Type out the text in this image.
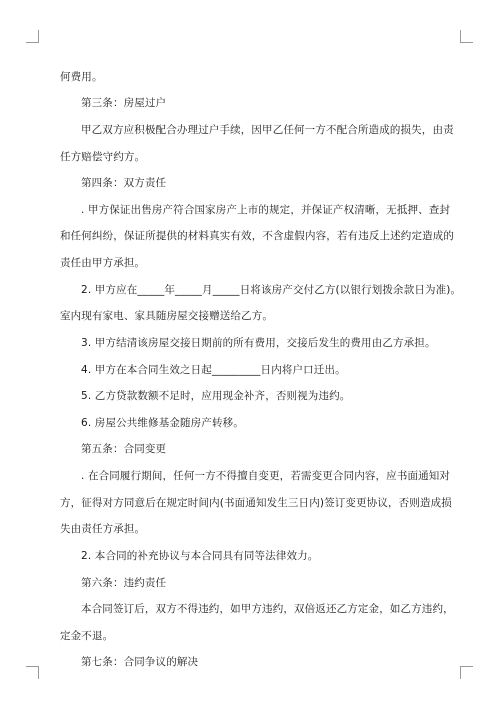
何费用。
第三条：房屋过户
甲乙双方应积极配合办理过户手续，因甲乙任何一方不配合所造成的损失，由责
任方赔偿守约方。
第四条：双方责任
. 甲方保证出售房产符合国家房产上市的规定，并保证产权清晰，无抵押、查封
和任何纠纷，保证所提供的材料真实有效，不含虚假内容，若有违反上述约定造成的
责任由甲方承担。
2. 甲方应在_____年_____月_____日将该房产交付乙方(以银行划拨余款日为准)。
室内现有家电、家具随房屋交接赠送给乙方。
3. 甲方结清该房屋交接日期前的所有费用，交接后发生的费用由乙方承担。
4. 甲方在本合同生效之日起_________日内将户口迁出。
5. 乙方贷款数额不足时，应用现金补齐，否则视为违约。
6. 房屋公共维修基金随房产转移。
第五条：合同变更
. 在合同履行期间，任何一方不得擅自变更，若需变更合同内容，应书面通知对
方，征得对方同意后在规定时间内(书面通知发生三日内)签订变更协议，否则造成损
失由责任方承担。
2. 本合同的补充协议与本合同具有同等法律效力。
第六条：违约责任
本合同签订后，双方不得违约，如甲方违约，双倍返还乙方定金，如乙方违约，
定金不退。
第七条：合同争议的解决
